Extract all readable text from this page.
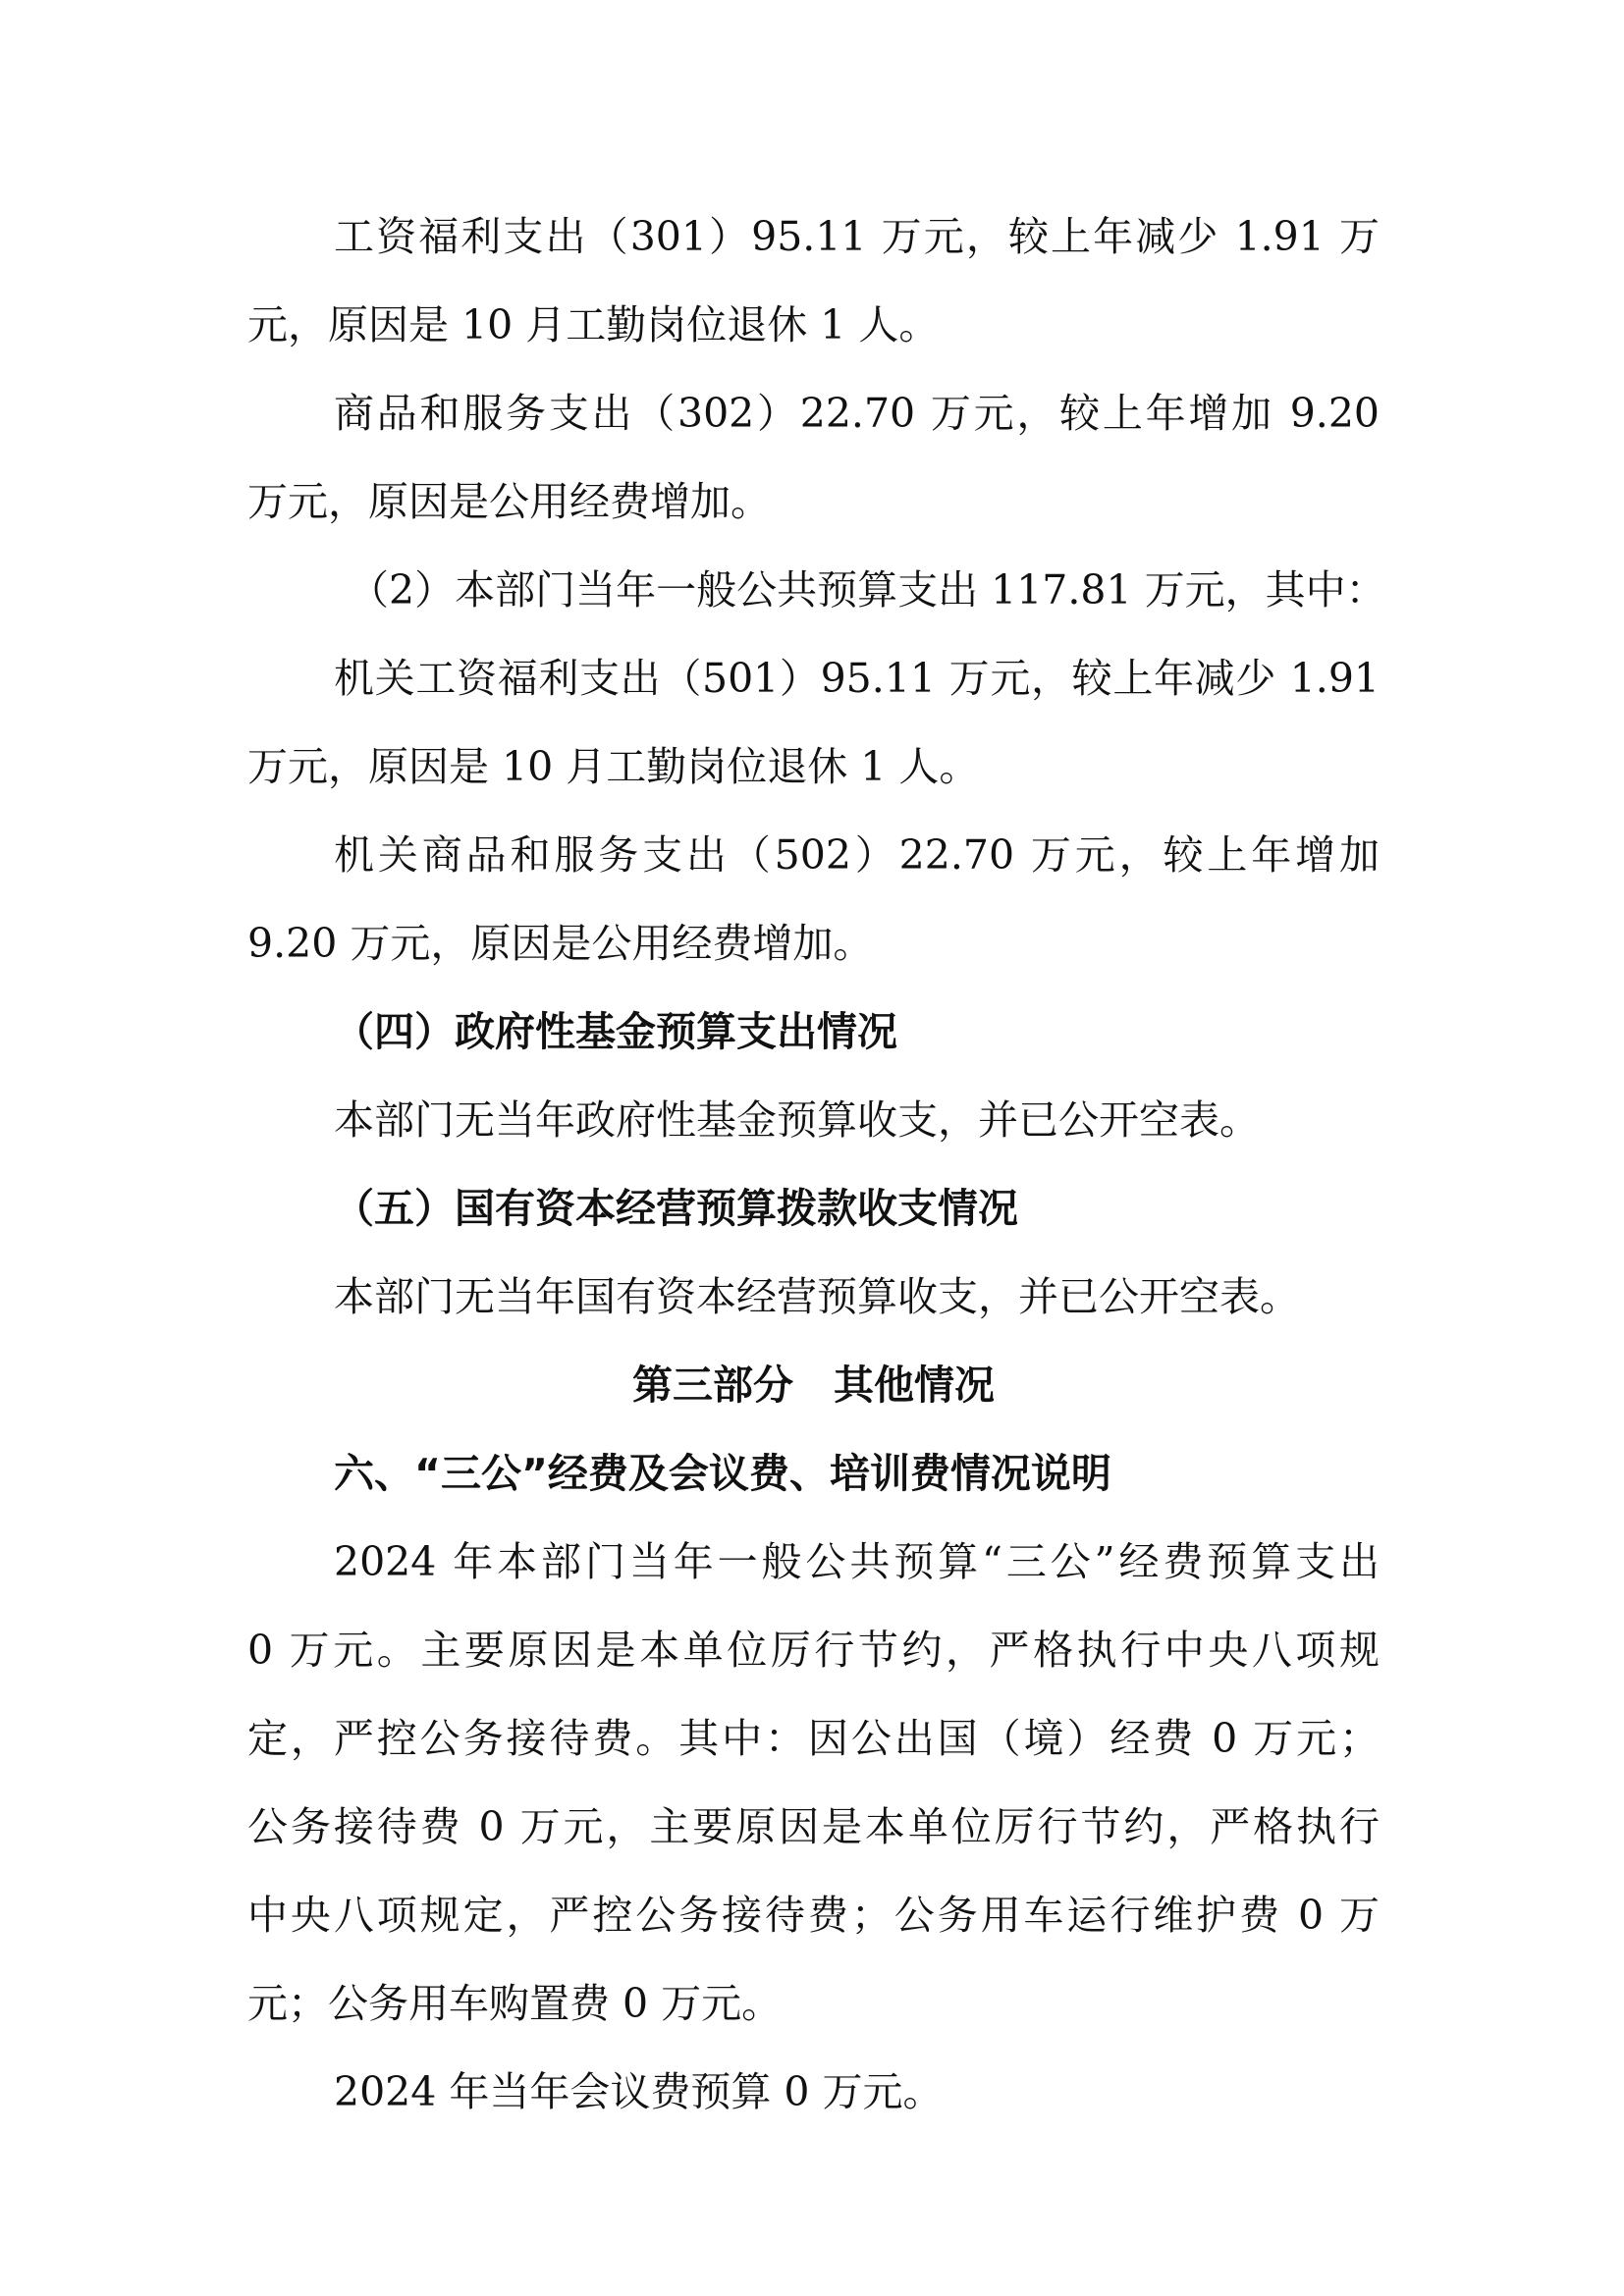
工资福利支出（301）95.11 万元，较上年减少 1.91 万
元，原因是 10 月工勤岗位退休 1 人。
商品和服务支出（302）22.70 万元，较上年增加 9.20
万元，原因是公用经费增加。
（2）本部门当年一般公共预算支出 117.81 万元，其中：
机关工资福利支出（501）95.11 万元，较上年减少 1.91
万元，原因是 10 月工勤岗位退休 1 人。
机关商品和服务支出（502）22.70 万元，较上年增加
9.20 万元，原因是公用经费增加。
（四）政府性基金预算支出情况
本部门无当年政府性基金预算收支，并已公开空表。
（五）国有资本经营预算拨款收支情况
本部门无当年国有资本经营预算收支，并已公开空表。
第三部分　其他情况
六、“三公”经费及会议费、培训费情况说明
2024 年本部门当年一般公共预算“三公”经费预算支出
0 万元。主要原因是本单位厉行节约，严格执行中央八项规
定，严控公务接待费。其中：因公出国（境）经费 0 万元；
公务接待费 0 万元，主要原因是本单位厉行节约，严格执行
中央八项规定，严控公务接待费；公务用车运行维护费 0 万
元；公务用车购置费 0 万元。
2024 年当年会议费预算 0 万元。
